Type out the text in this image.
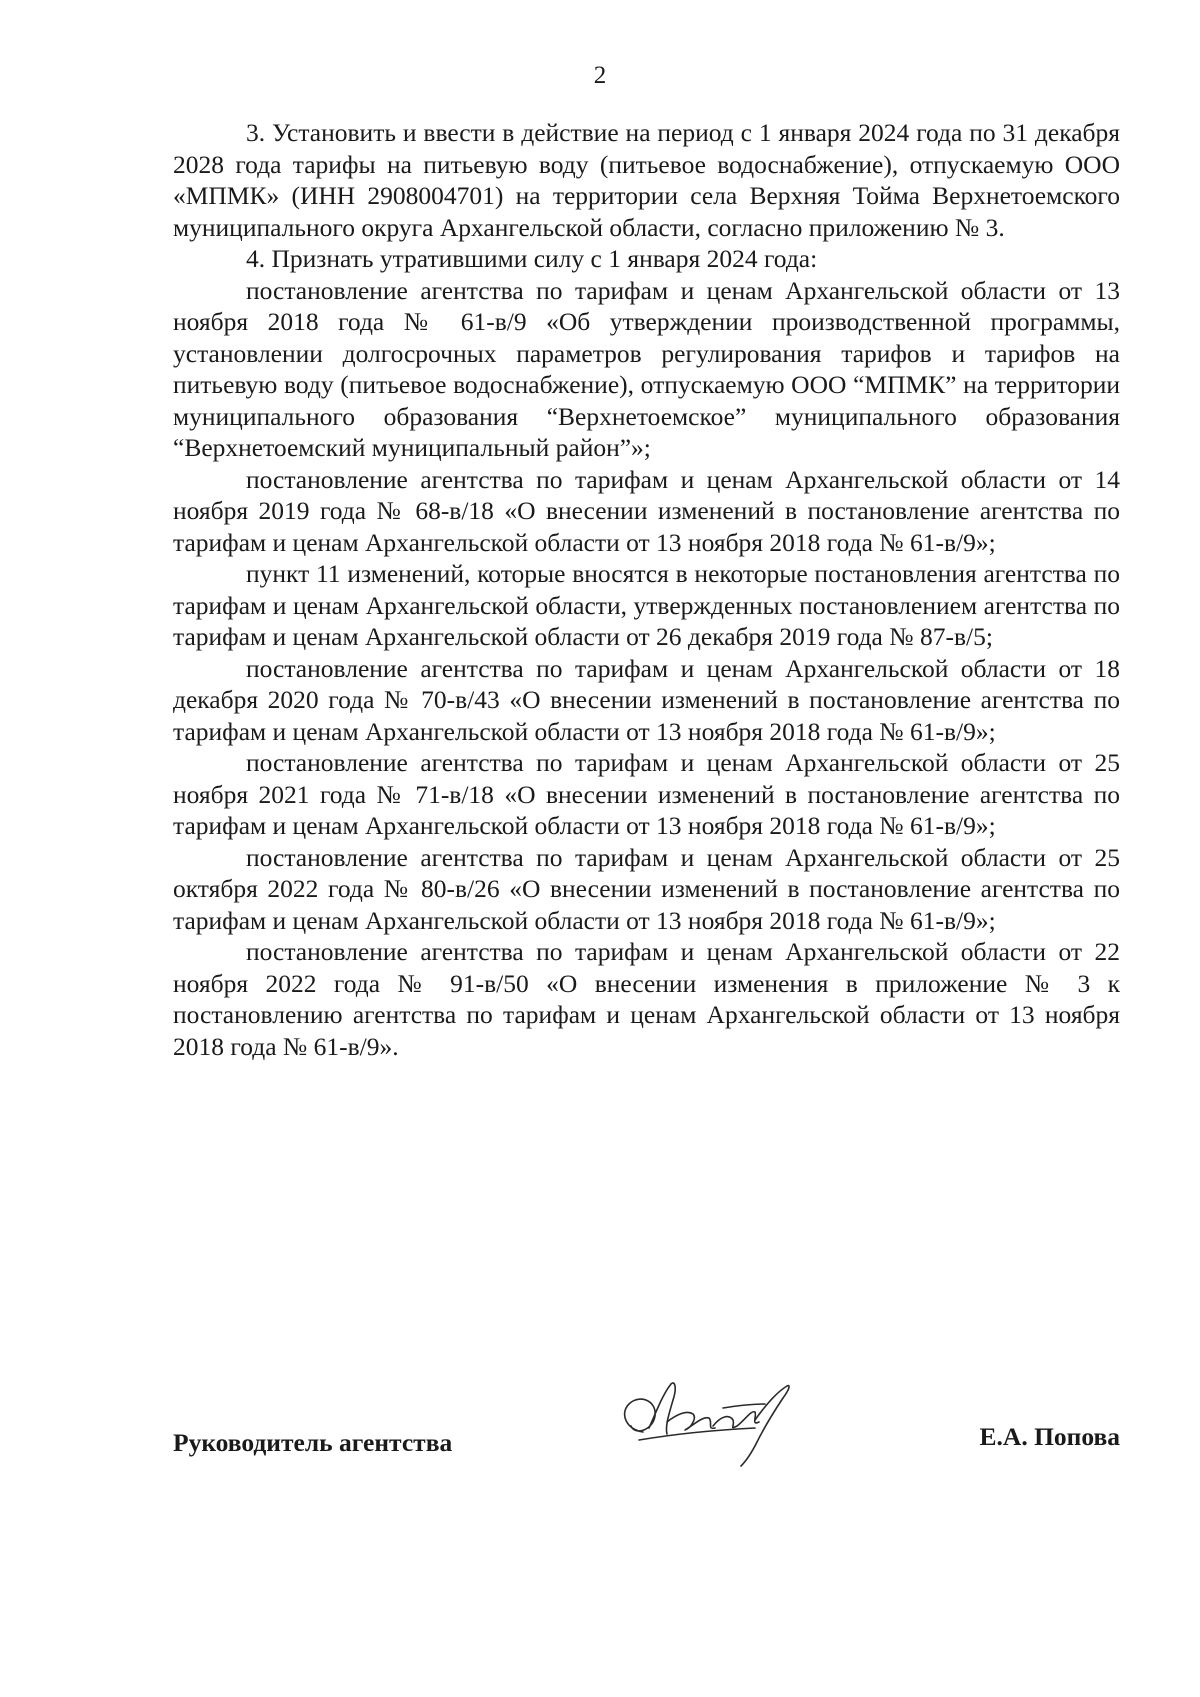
2

3. Установить и ввести в действие на период с 1 января 2024 года по 31 декабря 2028 года тарифы на питьевую воду (питьевое водоснабжение), отпускаемую ООО «МПМК» (ИНН 2908004701) на территории села Верхняя Тойма Верхнетоемского муниципального округа Архангельской области, согласно приложению № 3.

4. Признать утратившими силу с 1 января 2024 года:

постановление агентства по тарифам и ценам Архангельской области от 13 ноября 2018 года № 61-в/9 «Об утверждении производственной программы, установлении долгосрочных параметров регулирования тарифов и тарифов на питьевую воду (питьевое водоснабжение), отпускаемую ООО “МПМК” на территории муниципального образования “Верхнетоемское” муниципального образования “Верхнетоемский муниципальный район”»;

постановление агентства по тарифам и ценам Архангельской области от 14 ноября 2019 года № 68-в/18 «О внесении изменений в постановление агентства по тарифам и ценам Архангельской области от 13 ноября 2018 года № 61-в/9»;

пункт 11 изменений, которые вносятся в некоторые постановления агентства по тарифам и ценам Архангельской области, утвержденных постановлением агентства по тарифам и ценам Архангельской области от 26 декабря 2019 года № 87-в/5;

постановление агентства по тарифам и ценам Архангельской области от 18 декабря 2020 года № 70-в/43 «О внесении изменений в постановление агентства по тарифам и ценам Архангельской области от 13 ноября 2018 года № 61-в/9»;

постановление агентства по тарифам и ценам Архангельской области от 25 ноября 2021 года № 71-в/18 «О внесении изменений в постановление агентства по тарифам и ценам Архангельской области от 13 ноября 2018 года № 61-в/9»;

постановление агентства по тарифам и ценам Архангельской области от 25 октября 2022 года № 80-в/26 «О внесении изменений в постановление агентства по тарифам и ценам Архангельской области от 13 ноября 2018 года № 61-в/9»;

постановление агентства по тарифам и ценам Архангельской области от 22 ноября 2022 года № 91-в/50 «О внесении изменения в приложение № 3 к постановлению агентства по тарифам и ценам Архангельской области от 13 ноября 2018 года № 61-в/9».

Руководитель агентства	Е.А. Попова
